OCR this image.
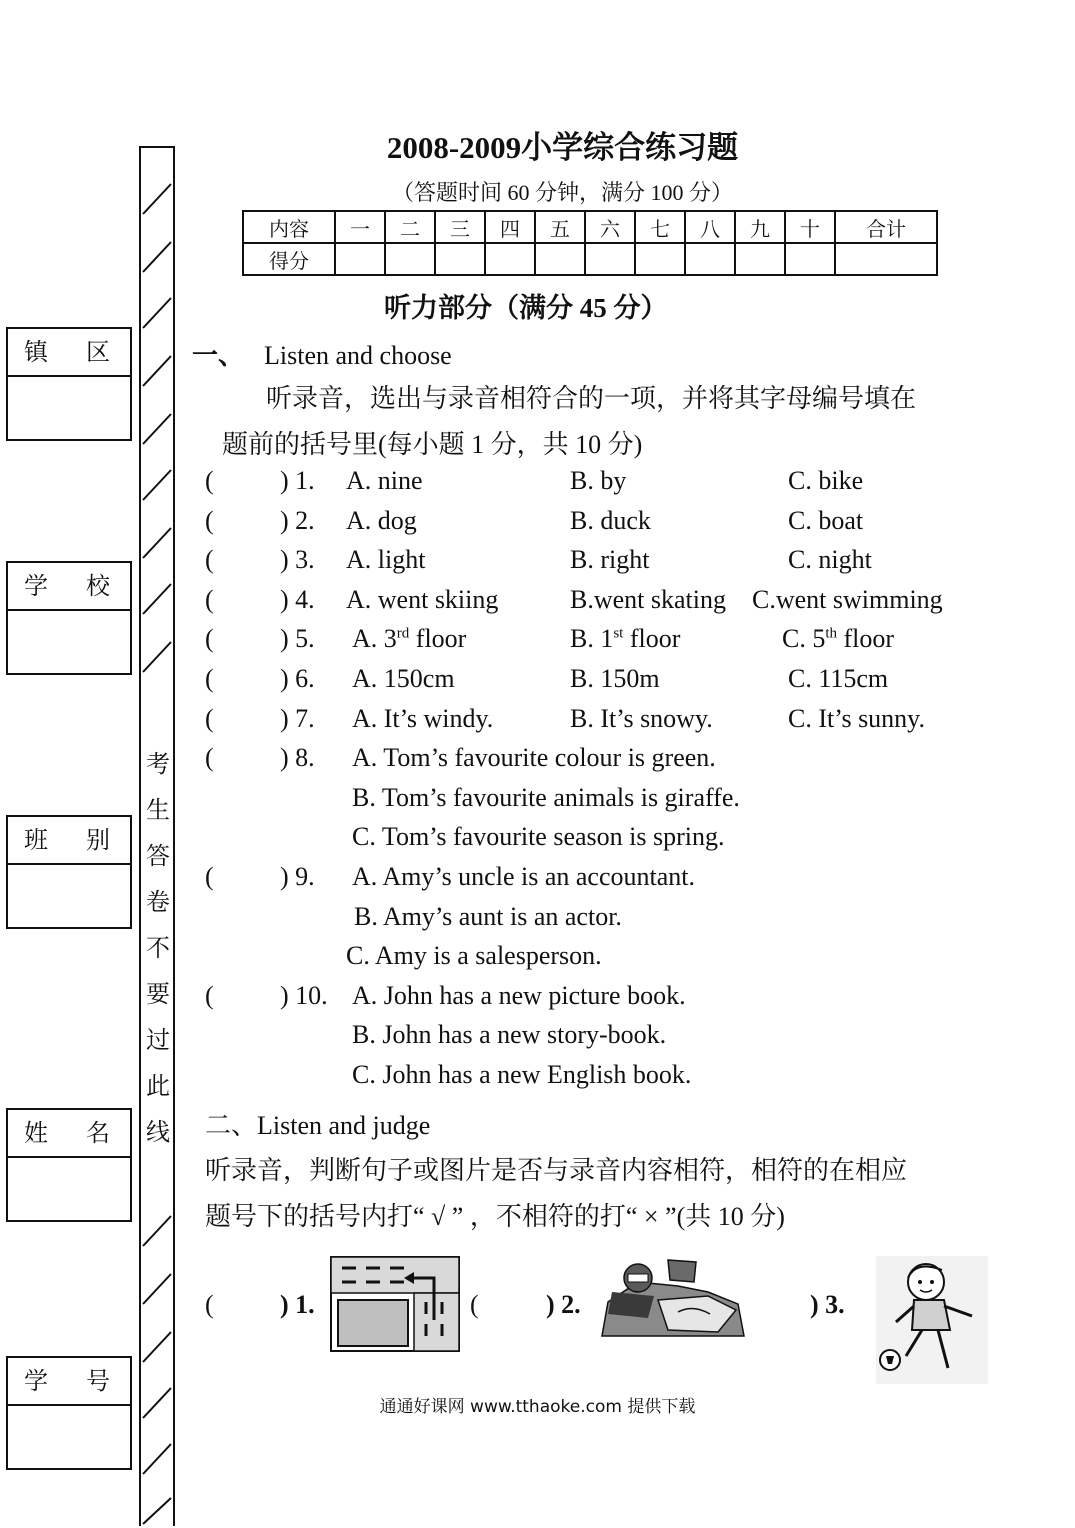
考
生
答
卷
不
要
过
此
线
镇 区
学 校
班 别
姓 名
学 号
2008-2009小学综合练习题
（答题时间 60 分钟，满分 100 分）
内容	一	二	三	四	五	六	七	八	九	十	合计
得分											
听力部分（满分 45 分）
一、 Listen and choose
听录音，选出与录音相符合的一项，并将其字母编号填在
题前的括号里(每小题 1 分，共 10 分)
(	) 1. A. nine	B. by	C. bike
(	) 2. A. dog	B. duck	C. boat
(	) 3. A. light	B. right	C. night
(	) 4. A. went skiing	B.went skating C.went swimming
(	) 5. A. 3rd floor	B. 1st floor	C. 5th floor
(	) 6. A. 150cm	B. 150m	C. 115cm
(	) 7. A. It’s windy.	B. It’s snowy.	C. It’s sunny.
(	) 8. A. Tom’s favourite colour is green.
B. Tom’s favourite animals is giraffe.
C. Tom’s favourite season is spring.
(	) 9. A. Amy’s uncle is an accountant.
B. Amy’s aunt is an actor.
C. Amy is a salesperson.
(	) 10. A. John has a new picture book.
B. John has a new story-book.
C. John has a new English book.
二、Listen and judge
听录音，判断句子或图片是否与录音内容相符，相符的在相应
题号下的括号内打“ √ ” ，不相符的打“ × ”(共 10 分)
(	) 1.	(	) 2.	) 3.
通通好课网 www.tthaoke.com 提供下载
